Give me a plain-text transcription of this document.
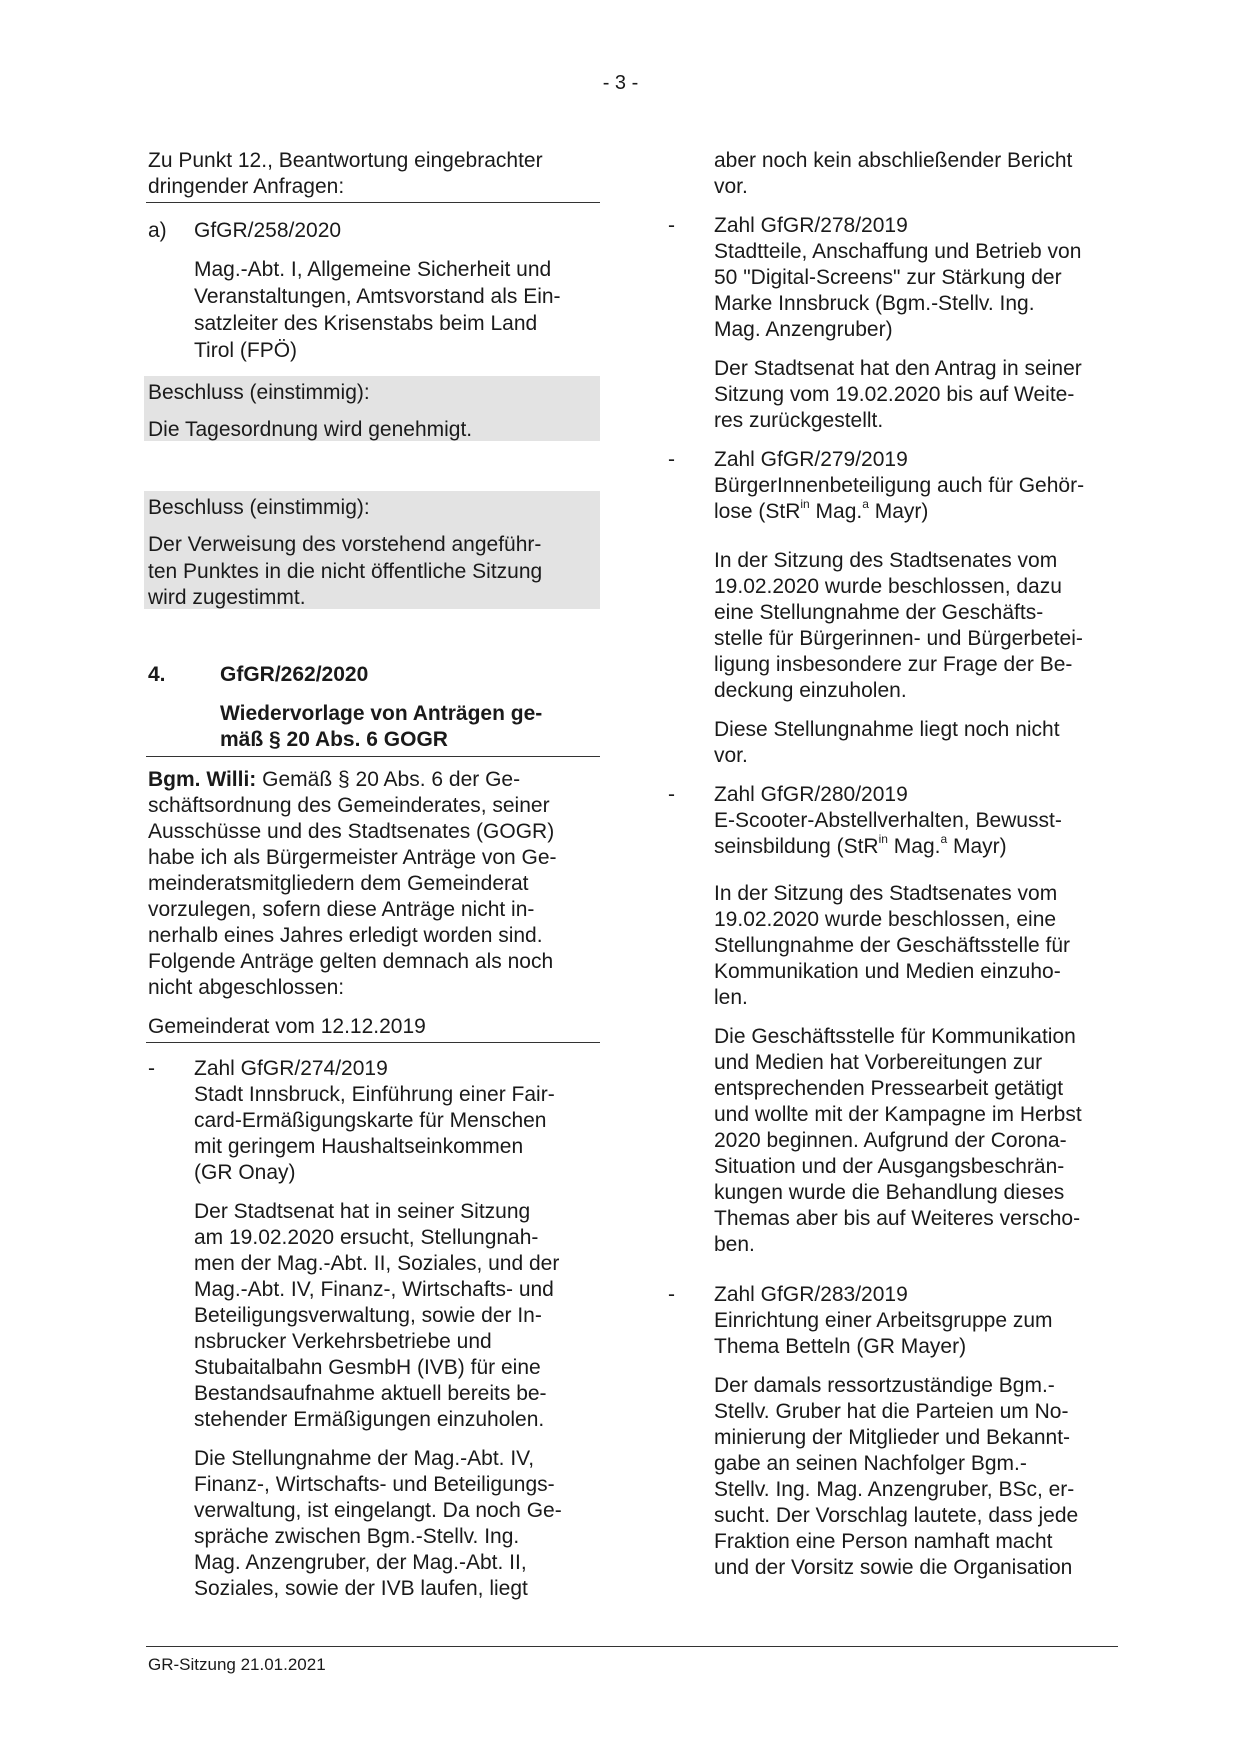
- 3 -
Zu Punkt 12., Beantwortung eingebrachter
dringender Anfragen:
a) GfGR/258/2020
Mag.-Abt. I, Allgemeine Sicherheit und
Veranstaltungen, Amtsvorstand als Ein-
satzleiter des Krisenstabs beim Land
Tirol (FPÖ)
Beschluss (einstimmig):
Die Tagesordnung wird genehmigt.
Beschluss (einstimmig):
Der Verweisung des vorstehend angeführ-
ten Punktes in die nicht öffentliche Sitzung
wird zugestimmt.
4.	GfGR/262/2020
Wiedervorlage von Anträgen ge-
mäß § 20 Abs. 6 GOGR
Bgm. Willi: Gemäß § 20 Abs. 6 der Ge-
schäftsordnung des Gemeinderates, seiner
Ausschüsse und des Stadtsenates (GOGR)
habe ich als Bürgermeister Anträge von Ge-
meinderatsmitgliedern dem Gemeinderat
vorzulegen, sofern diese Anträge nicht in-
nerhalb eines Jahres erledigt worden sind.
Folgende Anträge gelten demnach als noch
nicht abgeschlossen:
Gemeinderat vom 12.12.2019
- Zahl GfGR/274/2019
Stadt Innsbruck, Einführung einer Fair-
card-Ermäßigungskarte für Menschen
mit geringem Haushaltseinkommen
(GR Onay)
Der Stadtsenat hat in seiner Sitzung
am 19.02.2020 ersucht, Stellungnah-
men der Mag.-Abt. II, Soziales, und der
Mag.-Abt. IV, Finanz-, Wirtschafts- und
Beteiligungsverwaltung, sowie der In-
nsbrucker Verkehrsbetriebe und
Stubaitalbahn GesmbH (IVB) für eine
Bestandsaufnahme aktuell bereits be-
stehender Ermäßigungen einzuholen.
Die Stellungnahme der Mag.-Abt. IV,
Finanz-, Wirtschafts- und Beteiligungs-
verwaltung, ist eingelangt. Da noch Ge-
spräche zwischen Bgm.-Stellv. Ing.
Mag. Anzengruber, der Mag.-Abt. II,
Soziales, sowie der IVB laufen, liegt
aber noch kein abschließender Bericht
vor.
- Zahl GfGR/278/2019
Stadtteile, Anschaffung und Betrieb von
50 "Digital-Screens" zur Stärkung der
Marke Innsbruck (Bgm.-Stellv. Ing.
Mag. Anzengruber)
Der Stadtsenat hat den Antrag in seiner
Sitzung vom 19.02.2020 bis auf Weite-
res zurückgestellt.
- Zahl GfGR/279/2019
BürgerInnenbeteiligung auch für Gehör-
lose (StR$^{in}$ Mag.$^a$ Mayr)
In der Sitzung des Stadtsenates vom
19.02.2020 wurde beschlossen, dazu
eine Stellungnahme der Geschäfts-
stelle für Bürgerinnen- und Bürgerbetei-
ligung insbesondere zur Frage der Be-
deckung einzuholen.
Diese Stellungnahme liegt noch nicht
vor.
- Zahl GfGR/280/2019
E-Scooter-Abstellverhalten, Bewusst-
seinsbildung (StR$^{in}$ Mag.$^a$ Mayr)
In der Sitzung des Stadtsenates vom
19.02.2020 wurde beschlossen, eine
Stellungnahme der Geschäftsstelle für
Kommunikation und Medien einzuho-
len.
Die Geschäftsstelle für Kommunikation
und Medien hat Vorbereitungen zur
entsprechenden Pressearbeit getätigt
und wollte mit der Kampagne im Herbst
2020 beginnen. Aufgrund der Corona-
Situation und der Ausgangsbeschrän-
kungen wurde die Behandlung dieses
Themas aber bis auf Weiteres verscho-
ben.
- Zahl GfGR/283/2019
Einrichtung einer Arbeitsgruppe zum
Thema Betteln (GR Mayer)
Der damals ressortzuständige Bgm.-
Stellv. Gruber hat die Parteien um No-
minierung der Mitglieder und Bekannt-
gabe an seinen Nachfolger Bgm.-
Stellv. Ing. Mag. Anzengruber, BSc, er-
sucht. Der Vorschlag lautete, dass jede
Fraktion eine Person namhaft macht
und der Vorsitz sowie die Organisation
GR-Sitzung 21.01.2021
